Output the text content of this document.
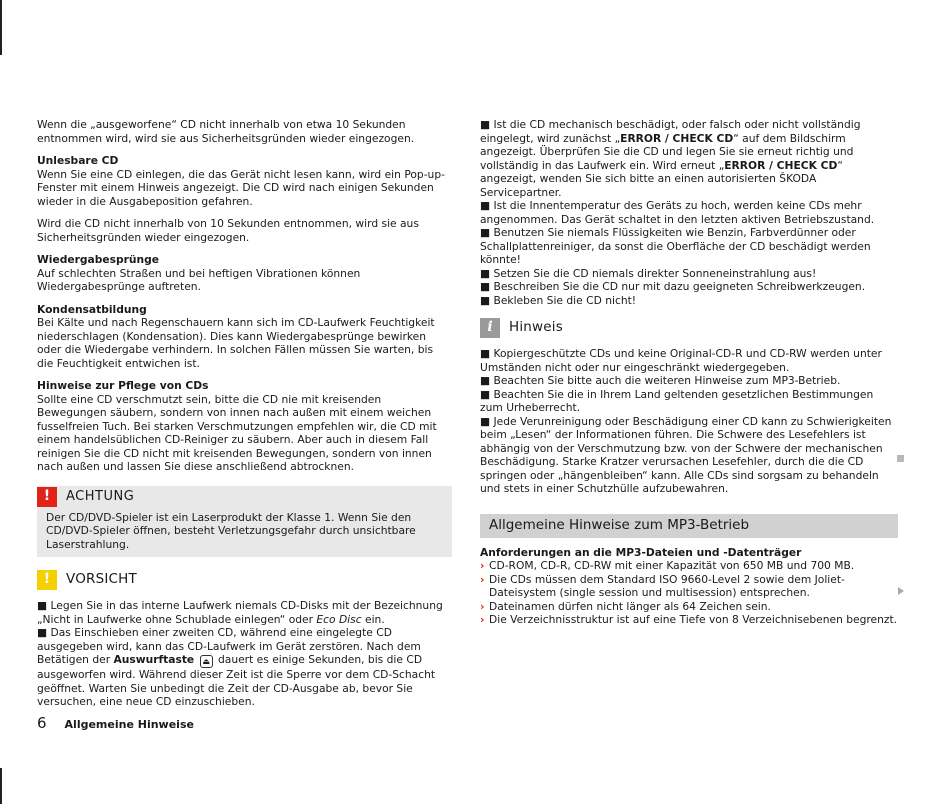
Wenn die „ausgeworfene“ CD nicht innerhalb von etwa 10 Sekunden entnommen wird, wird sie aus Sicherheitsgründen wieder eingezogen.

Unlesbare CD

Wenn Sie eine CD einlegen, die das Gerät nicht lesen kann, wird ein Pop-up-Fenster mit einem Hinweis angezeigt. Die CD wird nach einigen Sekunden wieder in die Ausgabeposition gefahren.

Wird die CD nicht innerhalb von 10 Sekunden entnommen, wird sie aus Sicherheitsgründen wieder eingezogen.

Wiedergabesprünge

Auf schlechten Straßen und bei heftigen Vibrationen können Wiedergabesprünge auftreten.

Kondensatbildung

Bei Kälte und nach Regenschauern kann sich im CD-Laufwerk Feuchtigkeit niederschlagen (Kondensation). Dies kann Wiedergabesprünge bewirken oder die Wiedergabe verhindern. In solchen Fällen müssen Sie warten, bis die Feuchtigkeit entwichen ist.

Hinweise zur Pflege von CDs

Sollte eine CD verschmutzt sein, bitte die CD nie mit kreisenden Bewegungen säubern, sondern von innen nach außen mit einem weichen fusselfreien Tuch. Bei starken Verschmutzungen empfehlen wir, die CD mit einem handelsüblichen CD-Reiniger zu säubern. Aber auch in diesem Fall reinigen Sie die CD nicht mit kreisenden Bewegungen, sondern von innen nach außen und lassen Sie diese anschließend abtrocknen.

!	ACHTUNG

Der CD/DVD-Spieler ist ein Laserprodukt der Klasse 1. Wenn Sie den CD/DVD-Spieler öffnen, besteht Verletzungsgefahr durch unsichtbare Laserstrahlung.

!	VORSICHT

■ Legen Sie in das interne Laufwerk niemals CD-Disks mit der Bezeichnung „Nicht in Laufwerke ohne Schublade einlegen“ oder Eco Disc ein.

■ Das Einschieben einer zweiten CD, während eine eingelegte CD ausgegeben wird, kann das CD-Laufwerk im Gerät zerstören. Nach dem Betätigen der Auswurftaste ⏏ dauert es einige Sekunden, bis die CD ausgeworfen wird. Während dieser Zeit ist die Sperre vor dem CD-Schacht geöffnet. Warten Sie unbedingt die Zeit der CD-Ausgabe ab, bevor Sie versuchen, eine neue CD einzuschieben.

■ Ist die CD mechanisch beschädigt, oder falsch oder nicht vollständig eingelegt, wird zunächst „ERROR / CHECK CD“ auf dem Bildschirm angezeigt. Überprüfen Sie die CD und legen Sie sie erneut richtig und vollständig in das Laufwerk ein. Wird erneut „ERROR / CHECK CD“ angezeigt, wenden Sie sich bitte an einen autorisierten ŠKODA Servicepartner.

■ Ist die Innentemperatur des Geräts zu hoch, werden keine CDs mehr angenommen. Das Gerät schaltet in den letzten aktiven Betriebszustand.

■ Benutzen Sie niemals Flüssigkeiten wie Benzin, Farbverdünner oder Schallplattenreiniger, da sonst die Oberfläche der CD beschädigt werden könnte!

■ Setzen Sie die CD niemals direkter Sonneneinstrahlung aus!

■ Beschreiben Sie die CD nur mit dazu geeigneten Schreibwerkzeugen.

■ Bekleben Sie die CD nicht!

i	Hinweis

■ Kopiergeschützte CDs und keine Original-CD-R und CD-RW werden unter Umständen nicht oder nur eingeschränkt wiedergegeben.

■ Beachten Sie bitte auch die weiteren Hinweise zum MP3-Betrieb.

■ Beachten Sie die in Ihrem Land geltenden gesetzlichen Bestimmungen zum Urheberrecht.

■ Jede Verunreinigung oder Beschädigung einer CD kann zu Schwierigkeiten beim „Lesen“ der Informationen führen. Die Schwere des Lesefehlers ist abhängig von der Verschmutzung bzw. von der Schwere der mechanischen Beschädigung. Starke Kratzer verursachen Lesefehler, durch die die CD springen oder „hängenbleiben“ kann. Alle CDs sind sorgsam zu behandeln und stets in einer Schutzhülle aufzubewahren.

Allgemeine Hinweise zum MP3-Betrieb

Anforderungen an die MP3-Dateien und -Datenträger

› CD-ROM, CD-R, CD-RW mit einer Kapazität von 650 MB und 700 MB.
› Die CDs müssen dem Standard ISO 9660-Level 2 sowie dem Joliet-Dateisystem (single session und multisession) entsprechen.
› Dateinamen dürfen nicht länger als 64 Zeichen sein.
› Die Verzeichnisstruktur ist auf eine Tiefe von 8 Verzeichnisebenen begrenzt.
6 Allgemeine Hinweise
